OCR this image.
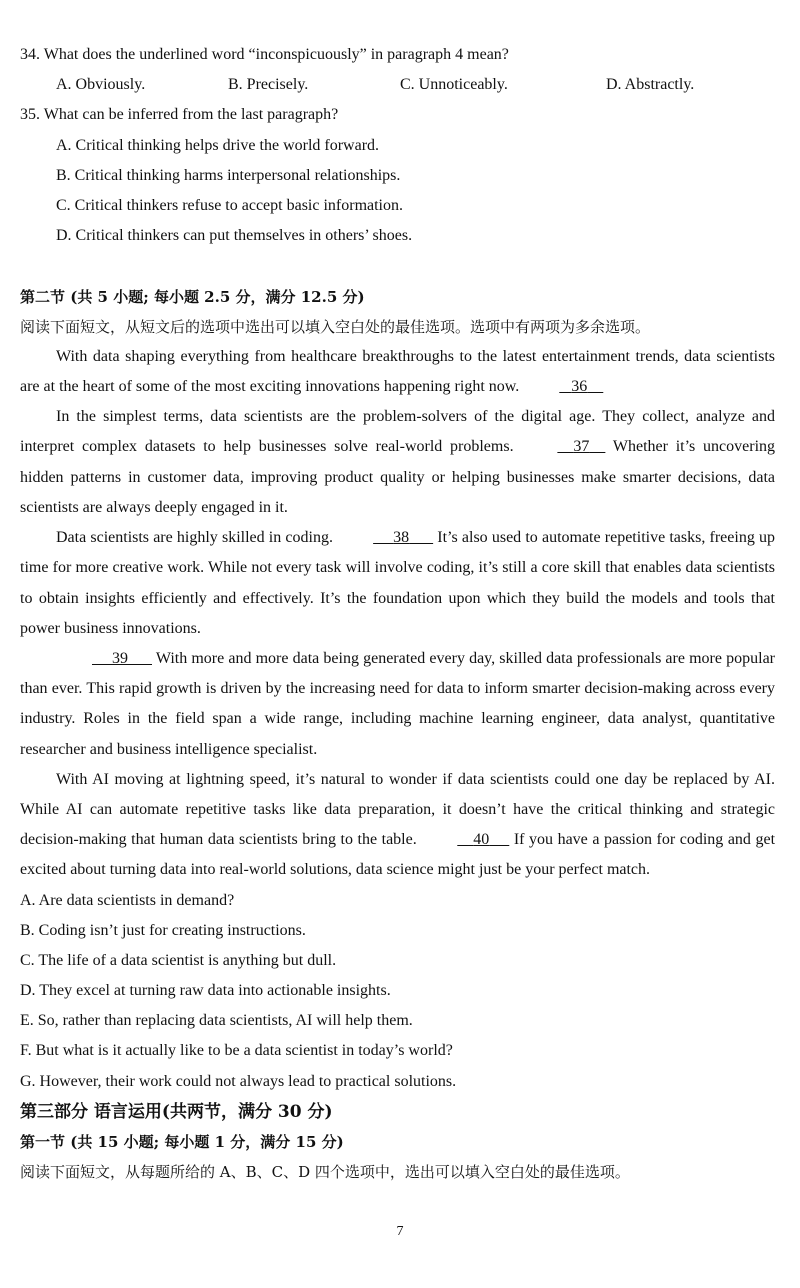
34. What does the underlined word “inconspicuously” in paragraph 4 mean?
A. Obviously.	B. Precisely.	C. Unnoticeably.	D. Abstractly.
35. What can be inferred from the last paragraph?
A. Critical thinking helps drive the world forward.
B. Critical thinking harms interpersonal relationships.
C. Critical thinkers refuse to accept basic information.
D. Critical thinkers can put themselves in others’ shoes.
第二节 (共 5 小题; 每小题 2.5 分，满分 12.5 分)
阅读下面短文，从短文后的选项中选出可以填入空白处的最佳选项。选项中有两项为多余选项。

With data shaping everything from healthcare breakthroughs to the latest entertainment trends, data scientists are at the heart of some of the most exciting innovations happening right now.	36

In the simplest terms, data scientists are the problem-solvers of the digital age. They collect, analyze and interpret complex datasets to help businesses solve real-world problems.	37 Whether it’s uncovering hidden patterns in customer data, improving product quality or helping businesses make smarter decisions, data scientists are always deeply engaged in it.

Data scientists are highly skilled in coding.	38 It’s also used to automate repetitive tasks, freeing up time for more creative work. While not every task will involve coding, it’s still a core skill that enables data scientists to obtain insights efficiently and effectively. It’s the foundation upon which they build the models and tools that power business innovations.

39 With more and more data being generated every day, skilled data professionals are more popular than ever. This rapid growth is driven by the increasing need for data to inform smarter decision-making across every industry. Roles in the field span a wide range, including machine learning engineer, data analyst, quantitative researcher and business intelligence specialist.

With AI moving at lightning speed, it’s natural to wonder if data scientists could one day be replaced by AI. While AI can automate repetitive tasks like data preparation, it doesn’t have the critical thinking and strategic decision-making that human data scientists bring to the table.	40 If you have a passion for coding and get excited about turning data into real-world solutions, data science might just be your perfect match.

A. Are data scientists in demand?
B. Coding isn’t just for creating instructions.
C. The life of a data scientist is anything but dull.
D. They excel at turning raw data into actionable insights.
E. So, rather than replacing data scientists, AI will help them.
F. But what is it actually like to be a data scientist in today’s world?
G. However, their work could not always lead to practical solutions.
第三部分 语言运用(共两节，满分 30 分)
第一节 (共 15 小题; 每小题 1 分，满分 15 分)
阅读下面短文，从每题所给的 A、B、C、D 四个选项中，选出可以填入空白处的最佳选项。
7
